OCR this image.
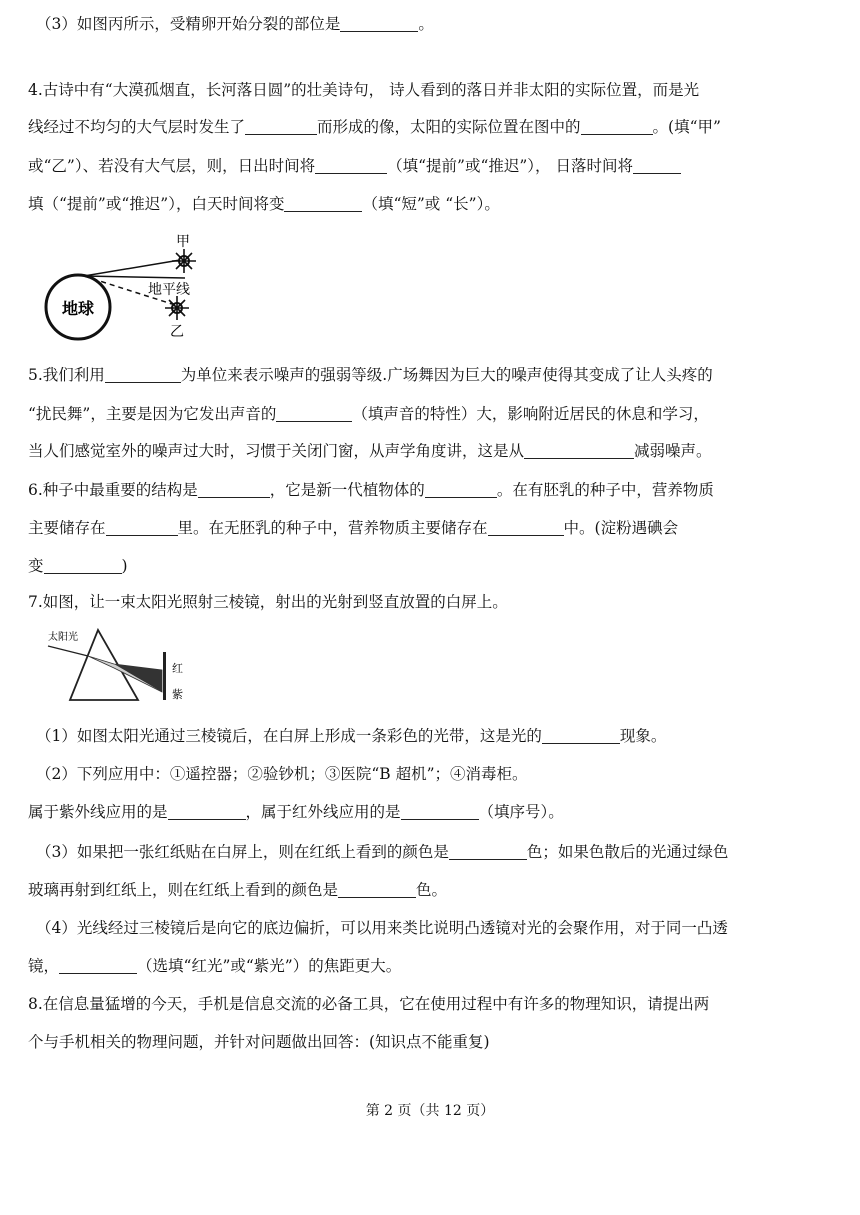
（3）如图丙所示，受精卵开始分裂的部位是	。
4.古诗中有“大漠孤烟直，长河落日圆”的壮美诗句， 诗人看到的落日并非太阳的实际位置，而是光
线经过不均匀的大气层时发生了	而形成的像，太阳的实际位置在图中的	。(填“甲”
或“乙”）、若没有大气层，则，日出时间将	（填“提前”或“推迟”）， 日落时间将
填（“提前”或“推迟”），白天时间将变	（填“短”或 “长”）。
地球
甲
乙
地平线
5.我们利用	为单位来表示噪声的强弱等级.广场舞因为巨大的噪声使得其变成了让人头疼的
“扰民舞”，主要是因为它发出声音的	（填声音的特性）大，影响附近居民的休息和学习，
当人们感觉室外的噪声过大时，习惯于关闭门窗，从声学角度讲，这是从	减弱噪声。
6.种子中最重要的结构是	，它是新一代植物体的	。在有胚乳的种子中，营养物质
主要储存在	里。在无胚乳的种子中，营养物质主要储存在	中。(淀粉遇碘会
变	)
7.如图，让一束太阳光照射三棱镜，射出的光射到竖直放置的白屏上。
太阳光
红
紫
（1）如图太阳光通过三棱镜后，在白屏上形成一条彩色的光带，这是光的	现象。
（2）下列应用中：①遥控器；②验钞机；③医院“B 超机”；④消毒柜。
属于紫外线应用的是	，属于红外线应用的是	（填序号）。
（3）如果把一张红纸贴在白屏上，则在红纸上看到的颜色是	色；如果色散后的光通过绿色
玻璃再射到红纸上，则在红纸上看到的颜色是	色。
（4）光线经过三棱镜后是向它的底边偏折，可以用来类比说明凸透镜对光的会聚作用，对于同一凸透
镜，	（选填“红光”或“紫光”）的焦距更大。
8.在信息量猛增的今天，手机是信息交流的必备工具，它在使用过程中有许多的物理知识，请提出两
个与手机相关的物理问题，并针对问题做出回答：(知识点不能重复)
第 2 页（共 12 页）
